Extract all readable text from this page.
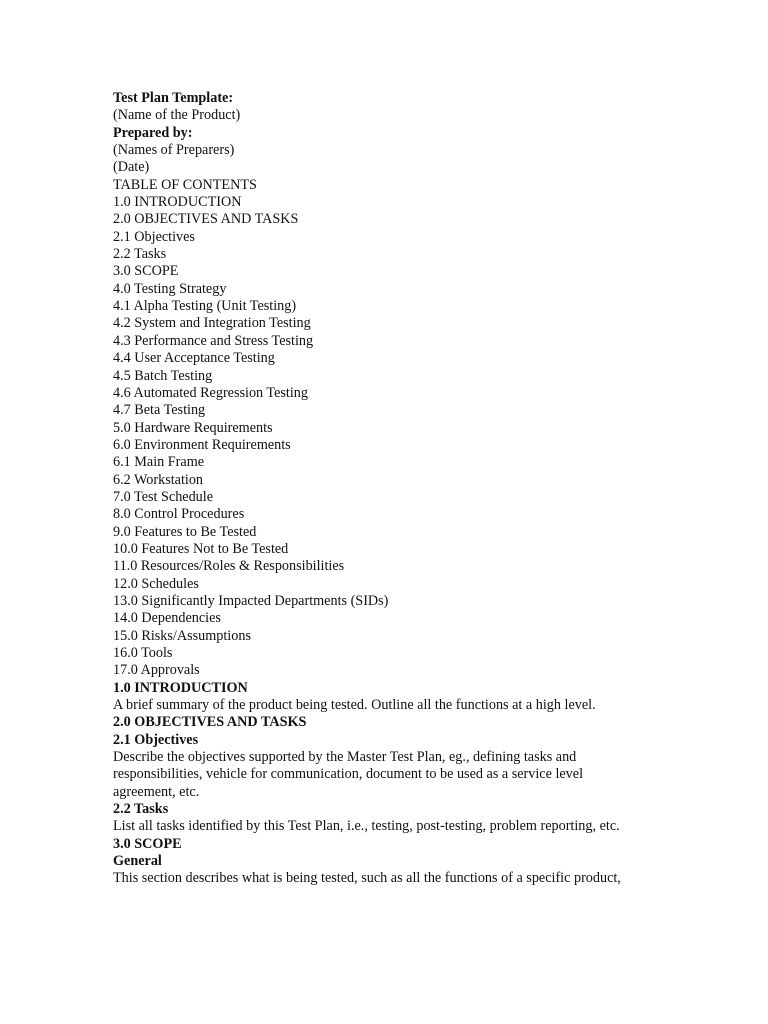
Test Plan Template:
(Name of the Product)
Prepared by:
(Names of Preparers)
(Date)
TABLE OF CONTENTS
1.0 INTRODUCTION
2.0 OBJECTIVES AND TASKS
2.1 Objectives
2.2 Tasks
3.0 SCOPE
4.0 Testing Strategy
4.1 Alpha Testing (Unit Testing)
4.2 System and Integration Testing
4.3 Performance and Stress Testing
4.4 User Acceptance Testing
4.5 Batch Testing
4.6 Automated Regression Testing
4.7 Beta Testing
5.0 Hardware Requirements
6.0 Environment Requirements
6.1 Main Frame
6.2 Workstation
7.0 Test Schedule
8.0 Control Procedures
9.0 Features to Be Tested
10.0 Features Not to Be Tested
11.0 Resources/Roles & Responsibilities
12.0 Schedules
13.0 Significantly Impacted Departments (SIDs)
14.0 Dependencies
15.0 Risks/Assumptions
16.0 Tools
17.0 Approvals
1.0 INTRODUCTION
A brief summary of the product being tested. Outline all the functions at a high level.
2.0 OBJECTIVES AND TASKS
2.1 Objectives
Describe the objectives supported by the Master Test Plan, eg., defining tasks and
responsibilities, vehicle for communication, document to be used as a service level
agreement, etc.
2.2 Tasks
List all tasks identified by this Test Plan, i.e., testing, post-testing, problem reporting, etc.
3.0 SCOPE
General
This section describes what is being tested, such as all the functions of a specific product,
